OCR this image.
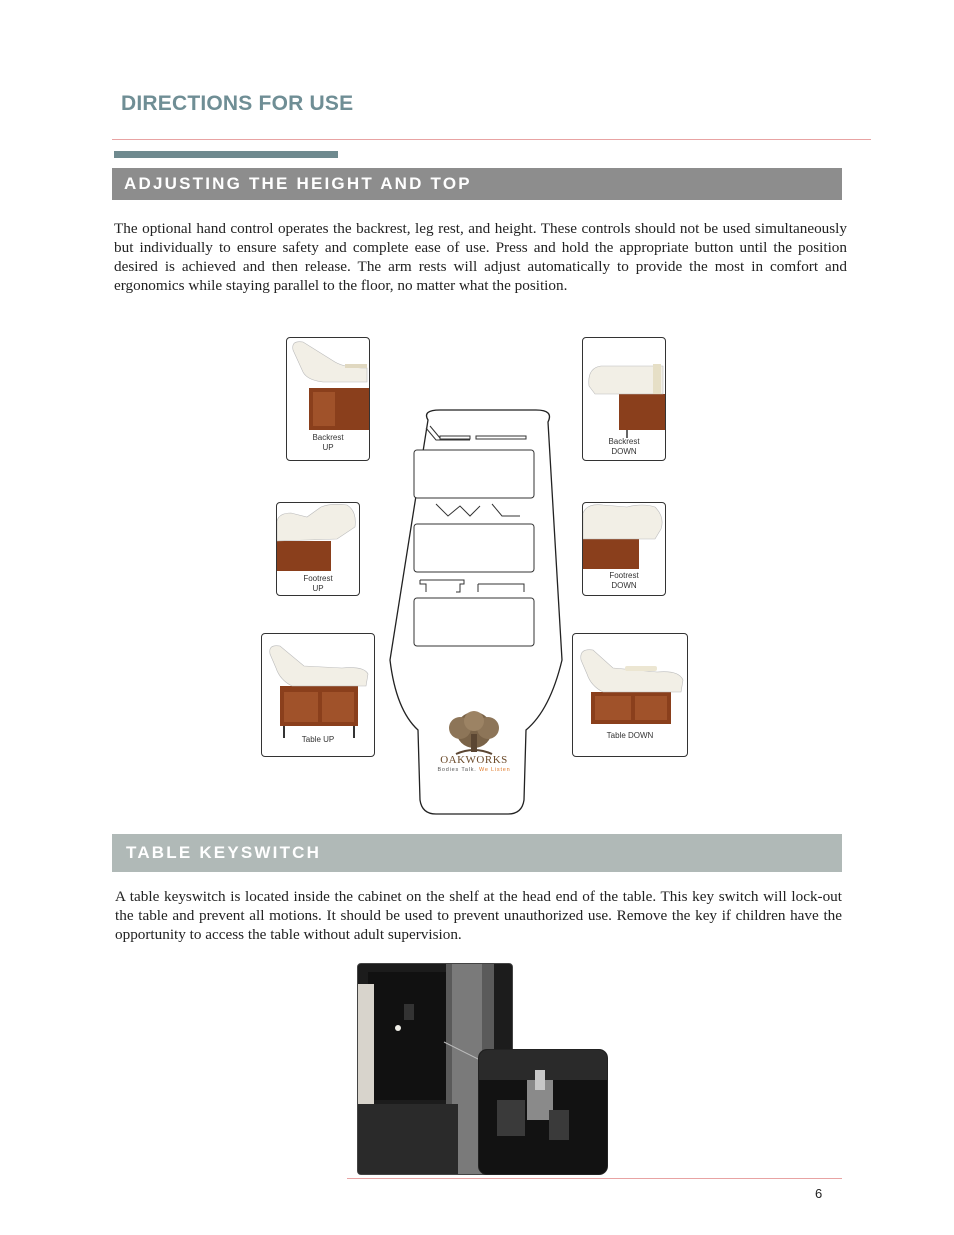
DIRECTIONS FOR USE
ADJUSTING THE HEIGHT AND TOP
The optional hand control operates the backrest, leg rest, and height. These controls should not be used simultaneously but individually to ensure safety and complete ease of use. Press and hold the appropriate button until the position desired is achieved and then release. The arm rests will adjust automatically to provide the most in comfort and ergonomics while staying parallel to the floor, no matter what the position.
OAKWORKS
Bodies Talk. We Listen
Backrest
UP
Backrest
DOWN
Footrest
UP
Footrest
DOWN
Table UP	Table DOWN
TABLE KEYSWITCH
A table keyswitch is located inside the cabinet on the shelf at the head end of the table. This key switch will lock-out the table and prevent all motions. It should be used to prevent unauthorized use. Remove the key if children have the opportunity to access the table without adult supervision.
6
